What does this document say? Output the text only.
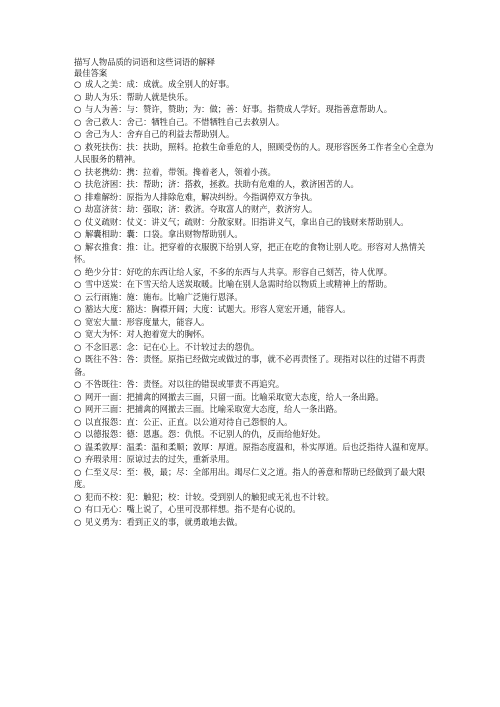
描写人物品质的词语和这些词语的解释
最佳答案
○ 成人之美：成：成就。成全别人的好事。
○ 助人为乐：帮助人就是快乐。
○ 与人为善：与：赞许，赞助；为：做；善：好事。指赞成人学好。现指善意帮助人。
○ 舍己救人：舍己：牺牲自己。不惜牺牲自己去救别人。
○ 舍己为人：舍弃自己的利益去帮助别人。
○ 救死扶伤：扶：扶助，照料。抢救生命垂危的人，照顾受伤的人。现形容医务工作者全心全意为人民服务的精神。
○ 扶老携幼：携：拉着，带领。搀着老人，领着小孩。
○ 扶危济困：扶：帮助；济：搭救，拯救。扶助有危难的人，救济困苦的人。
○ 排难解纷：原指为人排除危难，解决纠纷。今指调停双方争执。
○ 劫富济贫：劫：强取；济：救济。夺取富人的财产，救济穷人。
○ 仗义疏财：仗义：讲义气；疏财：分散家财。旧指讲义气，拿出自己的钱财来帮助别人。
○ 解囊相助：囊：口袋。拿出财物帮助别人。
○ 解衣推食：推：让。把穿着的衣服脱下给别人穿，把正在吃的食物让别人吃。形容对人热情关怀。
○ 绝少分甘：好吃的东西让给人家，不多的东西与人共享。形容自己刻苦，待人优厚。
○ 雪中送炭：在下雪天给人送炭取暖。比喻在别人急需时给以物质上或精神上的帮助。
○ 云行雨施：施：施布。比喻广泛施行恩泽。
○ 豁达大度：豁达：胸襟开阔；大度：试题大。形容人宽宏开通，能容人。
○ 宽宏大量：形容度量大，能容人。
○ 宽大为怀：对人抱着宽大的胸怀。
○ 不念旧恶：念：记在心上。不计较过去的怨仇。
○ 既往不咎：咎：责怪。原指已经做完或做过的事，就不必再责怪了。现指对以往的过错不再责备。
○ 不咎既往：咎：责怪。对以往的错误或罪责不再追究。
○ 网开一面：把捕禽的网撤去三面，只留一面。比喻采取宽大态度，给人一条出路。
○ 网开三面：把捕禽的网撤去三面。比喻采取宽大态度，给人一条出路。
○ 以直报怨：直：公正、正直。以公道对待自己怨恨的人。
○ 以德报怨：德：恩惠。怨：仇恨。不记别人的仇，反而给他好处。
○ 温柔敦厚：温柔：温和柔顺；敦厚：厚道。原指态度温和，朴实厚道。后也泛指待人温和宽厚。
○ 弃瑕录用：原谅过去的过失，重新录用。
○ 仁至义尽：至：极，最；尽：全部用出。竭尽仁义之道。指人的善意和帮助已经做到了最大限度。
○ 犯而不校：犯：触犯；校：计较。受到别人的触犯或无礼也不计较。
○ 有口无心：嘴上说了，心里可没那样想。指不是有心说的。
○ 见义勇为：看到正义的事，就勇敢地去做。
